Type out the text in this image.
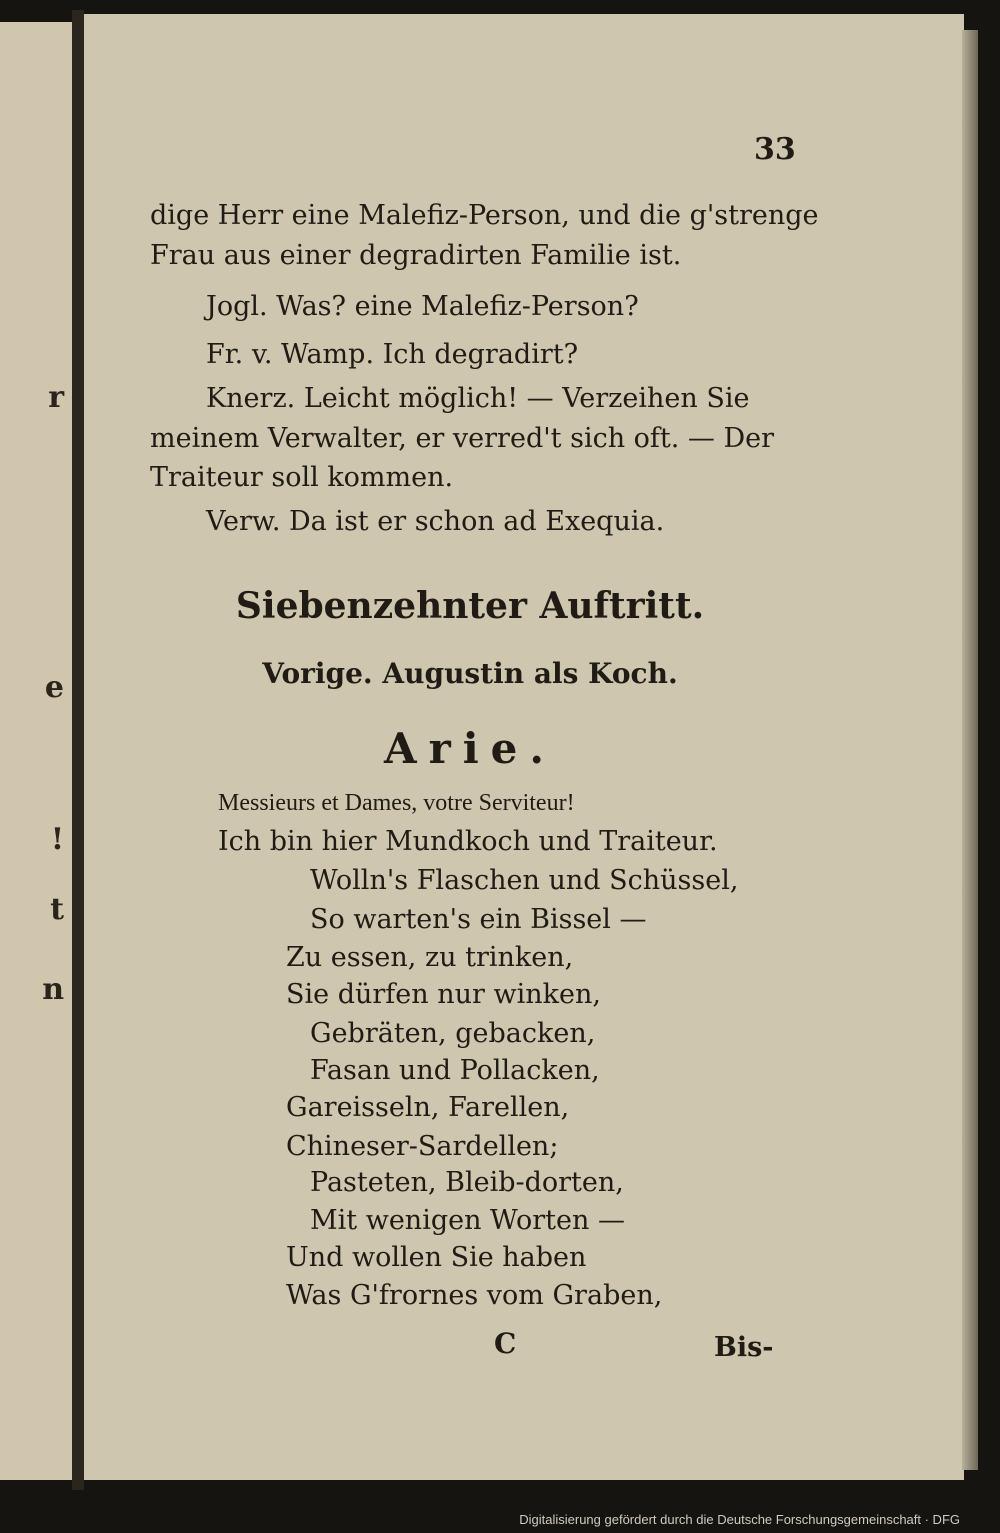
r
e
!
t
n
33
dige Herr eine Malefiz-Person, und die g'strenge
Frau aus einer degradirten Familie ist.
Jogl. Was? eine Malefiz-Person?
Fr. v. Wamp. Ich degradirt?
Knerz. Leicht möglich! — Verzeihen Sie
meinem Verwalter, er verred't sich oft. — Der
Traiteur soll kommen.
Verw. Da ist er schon ad Exequia.
Siebenzehnter Auftritt.
Vorige. Augustin als Koch.
Arie.
Messieurs et Dames, votre Serviteur!
Ich bin hier Mundkoch und Traiteur.
Wolln's Flaschen und Schüssel,
So warten's ein Bissel —
Zu essen, zu trinken,
Sie dürfen nur winken,
Gebräten, gebacken,
Fasan und Pollacken,
Gareisseln, Farellen,
Chineser-Sardellen;
Pasteten, Bleib-dorten,
Mit wenigen Worten —
Und wollen Sie haben
Was G'frornes vom Graben,
C	Bis-
Digitalisierung gefördert durch die Deutsche Forschungsgemeinschaft · DFG
